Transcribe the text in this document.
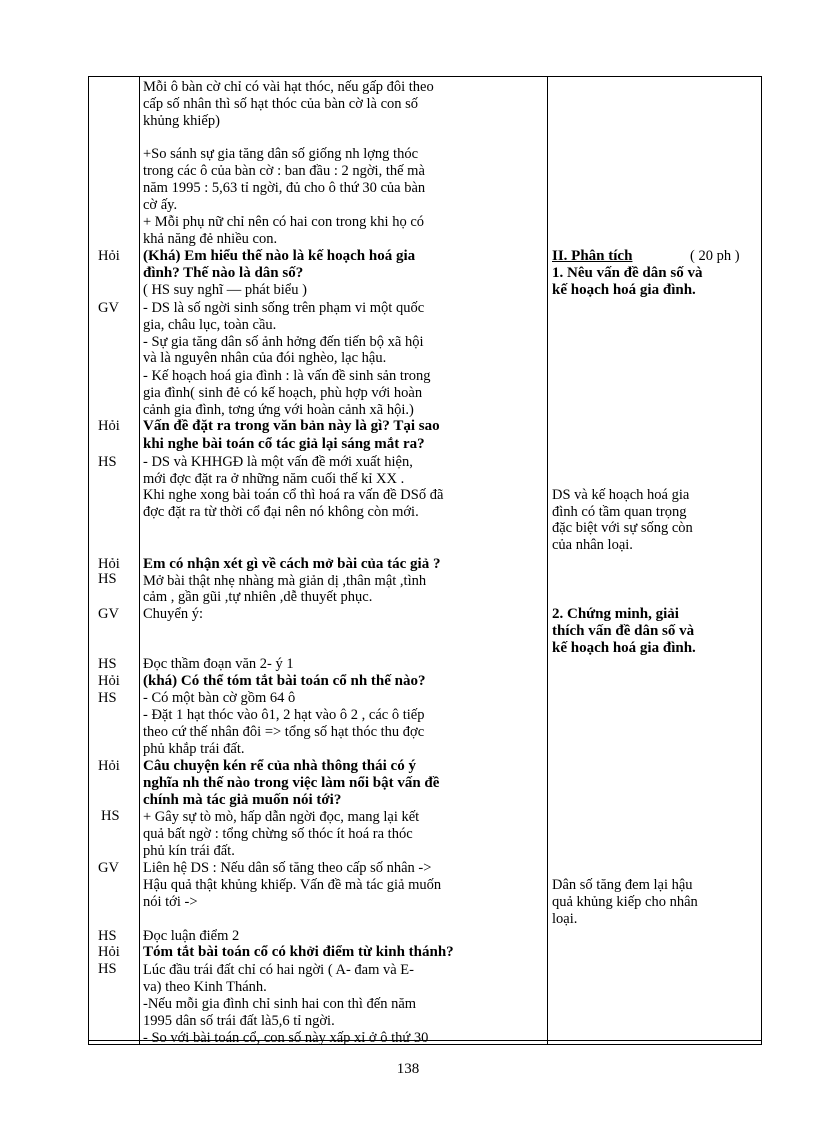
Hỏi
GV
Hỏi
HS
Hỏi
HS
GV
HS
Hỏi
HS
Hỏi
HS
GV
HS
Hỏi
HS
Mỗi ô bàn cờ chỉ có vài hạt thóc, nếu gấp đôi theo
cấp số nhân thì số hạt thóc của bàn cờ là con số
khủng khiếp)
+So sánh sự gia tăng dân số giống nh lợng thóc
trong các ô của bàn cờ : ban đầu : 2 ngời, thế mà
năm 1995 : 5,63 tỉ ngời, đủ cho ô thứ 30 của bàn
cờ ấy.
+ Mỗi phụ nữ chỉ nên có hai con trong khi họ có
khả năng đẻ nhiều con.
(Khá) Em hiểu thế nào là kế hoạch hoá gia
đình? Thế nào là dân số?
( HS suy nghĩ — phát biểu )
- DS là số ngời sinh sống trên phạm vi một quốc
gia, châu lục, toàn cầu.
- Sự gia tăng dân số ảnh hởng đến tiến bộ xã hội
và là nguyên nhân của đói nghèo, lạc hậu.
- Kế hoạch hoá gia đình : là vấn đề sinh sản trong
gia đình( sinh đẻ có kế hoạch, phù hợp với hoàn
cảnh gia đình, tơng ứng với hoàn cảnh xã hội.)
Vấn đề đặt ra trong văn bản này là gì? Tại sao
khi nghe bài toán cổ tác giả lại sáng mắt ra?
- DS và KHHGĐ là một vấn đề mới xuất hiện,
mới đợc đặt ra ở những năm cuối thế kỉ XX .
Khi nghe xong bài toán cổ thì hoá ra vấn đề DSố đã
đợc đặt ra từ thời cổ đại nên nó không còn mới.
Em có nhận xét gì về cách mở bài của tác giả ?
Mở bài thật nhẹ nhàng mà giản dị ,thân mật ,tình
cảm , gần gũi ,tự nhiên ,dễ thuyết phục.
Chuyển ý:
Đọc thầm đoạn văn 2- ý 1
(khá) Có thể tóm tắt bài toán cổ nh thế nào?
- Có một bàn cờ gồm 64 ô
- Đặt 1 hạt thóc vào ô1, 2 hạt vào ô 2 , các ô tiếp
theo cứ thế nhân đôi => tổng số hạt thóc thu đợc
phủ khắp trái đất.
Câu chuyện kén rể của nhà thông thái có ý
nghĩa nh thế nào trong việc làm nổi bật vấn đề
chính mà tác giả muốn nói tới?
+ Gây sự tò mò, hấp dẫn ngời đọc, mang lại kết
quả bất ngờ : tổng chừng số thóc ít hoá ra thóc
phủ kín trái đất.
Liên hệ DS : Nếu dân số tăng theo cấp số nhân ->
Hậu quả thật khủng khiếp. Vấn đề mà tác giả muốn
nói tới ->
Đọc luận điểm 2
Tóm tắt bài toán cổ có khởi điểm từ kinh thánh?
Lúc đầu trái đất chỉ có hai ngời ( A- đam và E-
va) theo Kinh Thánh.
-Nếu mỗi gia đình chỉ sinh hai con thì đến năm
1995 dân số trái đất là5,6 tỉ ngời.
- So với bài toán cổ, con số này xấp xỉ ở ô thứ 30
II. Phân tích	( 20 ph )
1. Nêu vấn đề dân số và
kế hoạch hoá gia đình.
DS và kế hoạch hoá gia
đình có tầm quan trọng
đặc biệt với sự sống còn
của nhân loại.
2. Chứng minh, giải
thích vấn đề dân số và
kế hoạch hoá gia đình.
Dân số tăng đem lại hậu
quả khủng kiếp cho nhân
loại.
138
